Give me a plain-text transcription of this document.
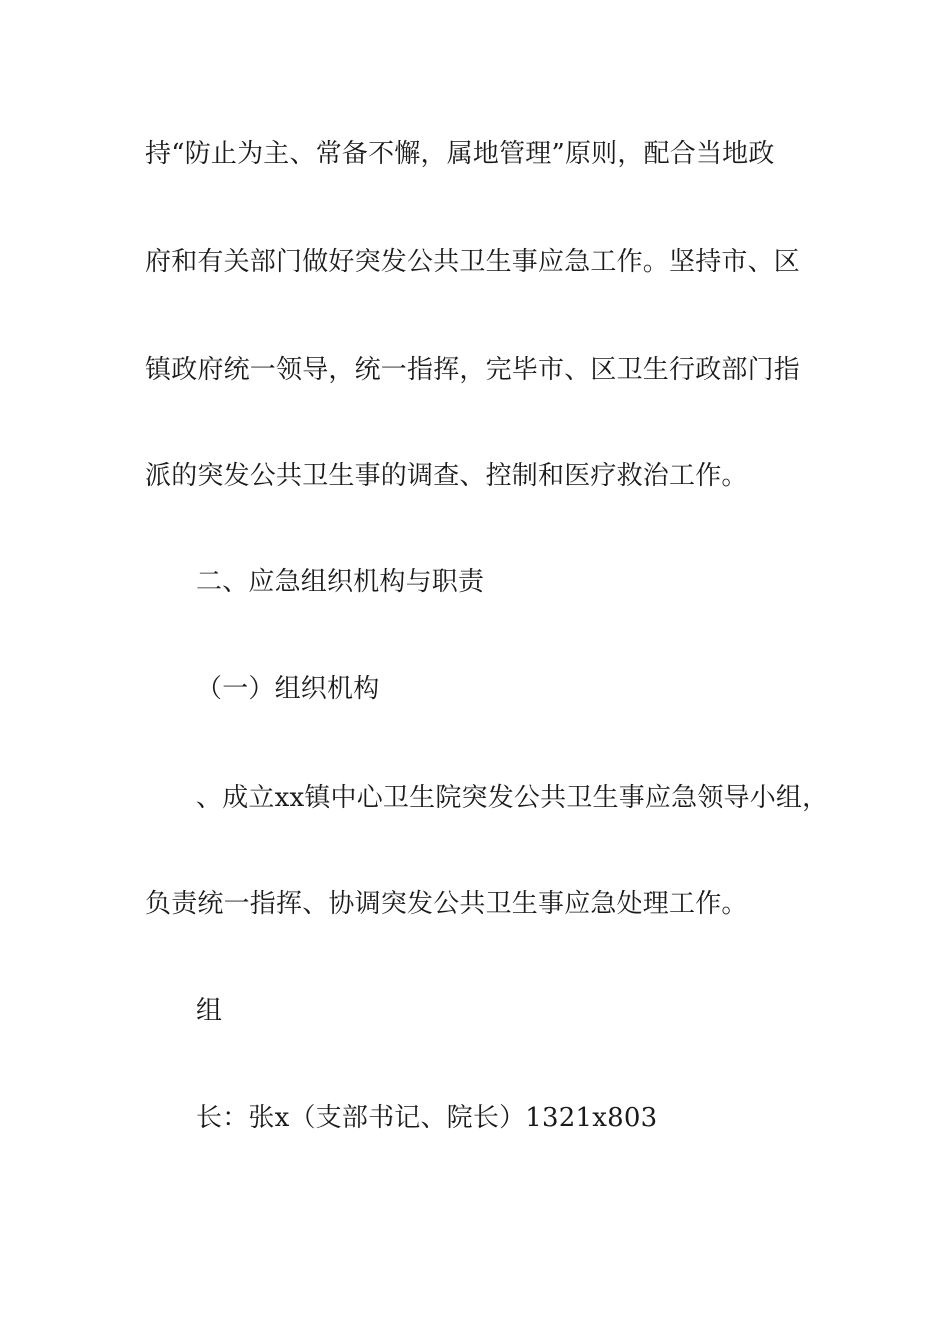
持“防止为主、常备不懈，属地管理”原则，配合当地政
府和有关部门做好突发公共卫生事应急工作。坚持市、区
镇政府统一领导，统一指挥，完毕市、区卫生行政部门指
派的突发公共卫生事的调查、控制和医疗救治工作。
二、应急组织机构与职责
（一）组织机构
、成立xx镇中心卫生院突发公共卫生事应急领导小组，
负责统一指挥、协调突发公共卫生事应急处理工作。
组
长：张x（支部书记、院长）1321x803
